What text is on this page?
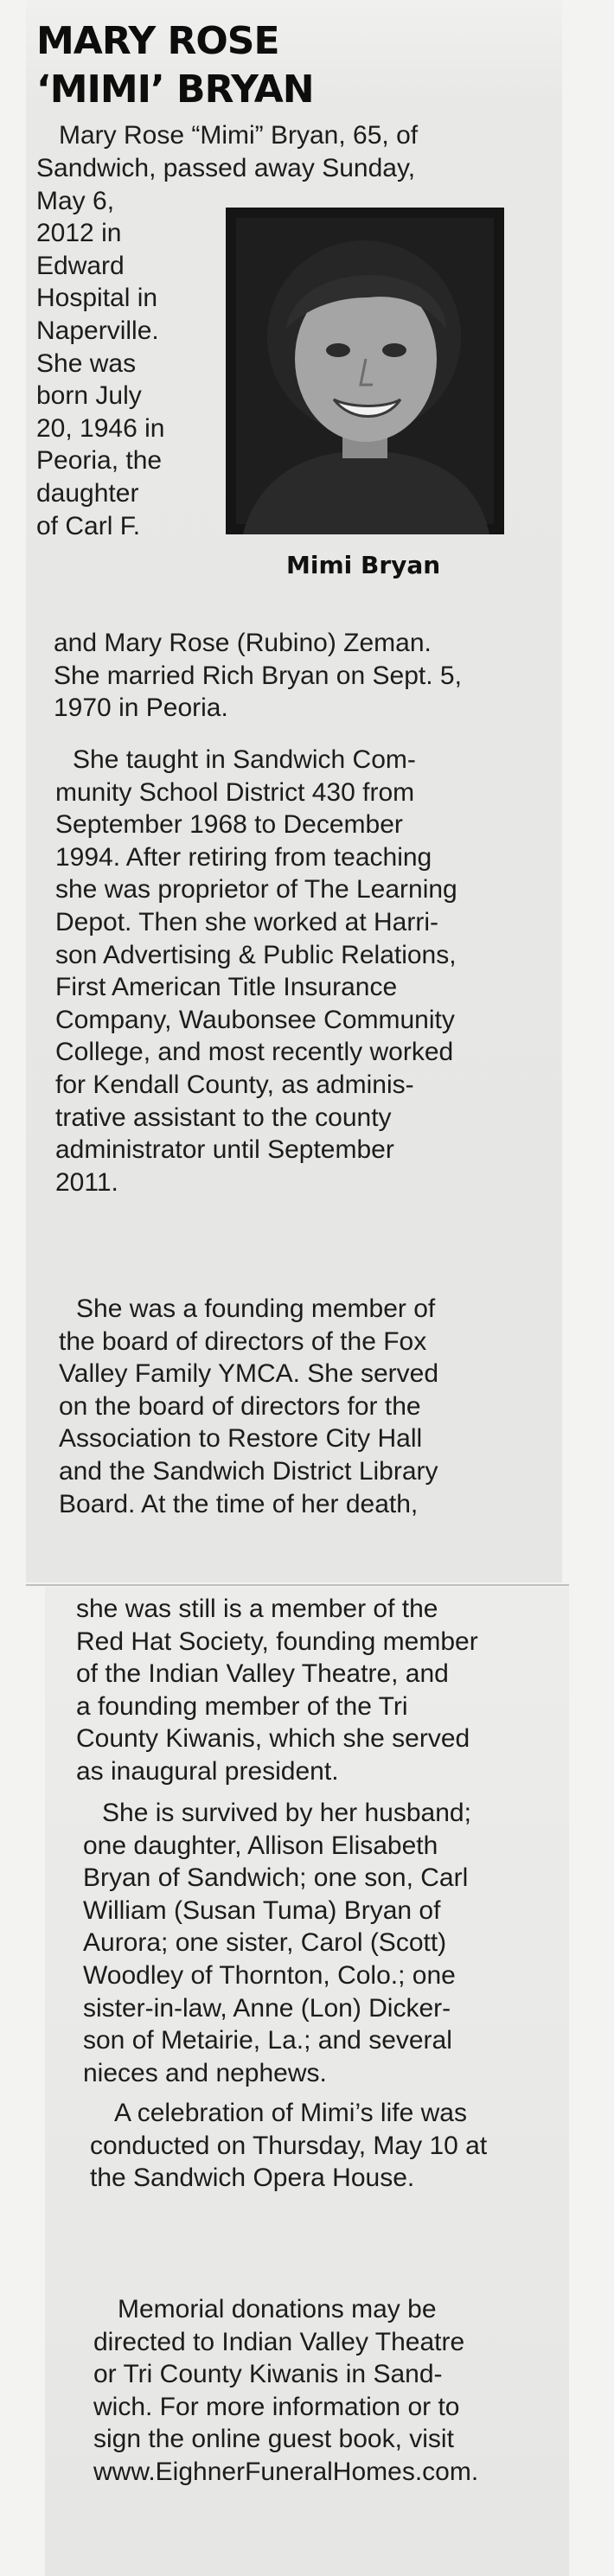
MARY ROSE
‘MIMI’ BRYAN

Mary Rose “Mimi” Bryan, 65, of

Sandwich, passed away Sunday,
May 6,
2012 in
Edward
Hospital in
Naperville.
She was
born July
20, 1946 in
Peoria, the
daughter
of Carl F.

Mimi Bryan

and Mary Rose (Rubino) Zeman.
She married Rich Bryan on Sept. 5,
1970 in Peoria.

She taught in Sandwich Com-
munity School District 430 from
September 1968 to December
1994. After retiring from teaching
she was proprietor of The Learning
Depot. Then she worked at Harri-
son Advertising & Public Relations,
First American Title Insurance
Company, Waubonsee Community
College, and most recently worked
for Kendall County, as adminis-
trative assistant to the county
administrator until September
2011.

She was a founding member of
the board of directors of the Fox
Valley Family YMCA. She served
on the board of directors for the
Association to Restore City Hall
and the Sandwich District Library
Board. At the time of her death,

she was still is a member of the
Red Hat Society, founding member
of the Indian Valley Theatre, and
a founding member of the Tri
County Kiwanis, which she served
as inaugural president.

She is survived by her husband;
one daughter, Allison Elisabeth
Bryan of Sandwich; one son, Carl
William (Susan Tuma) Bryan of
Aurora; one sister, Carol (Scott)
Woodley of Thornton, Colo.; one
sister-in-law, Anne (Lon) Dicker-
son of Metairie, La.; and several
nieces and nephews.

A celebration of Mimi’s life was
conducted on Thursday, May 10 at
the Sandwich Opera House.

Memorial donations may be
directed to Indian Valley Theatre
or Tri County Kiwanis in Sand-
wich. For more information or to
sign the online guest book, visit
www.EighnerFuneralHomes.com.
